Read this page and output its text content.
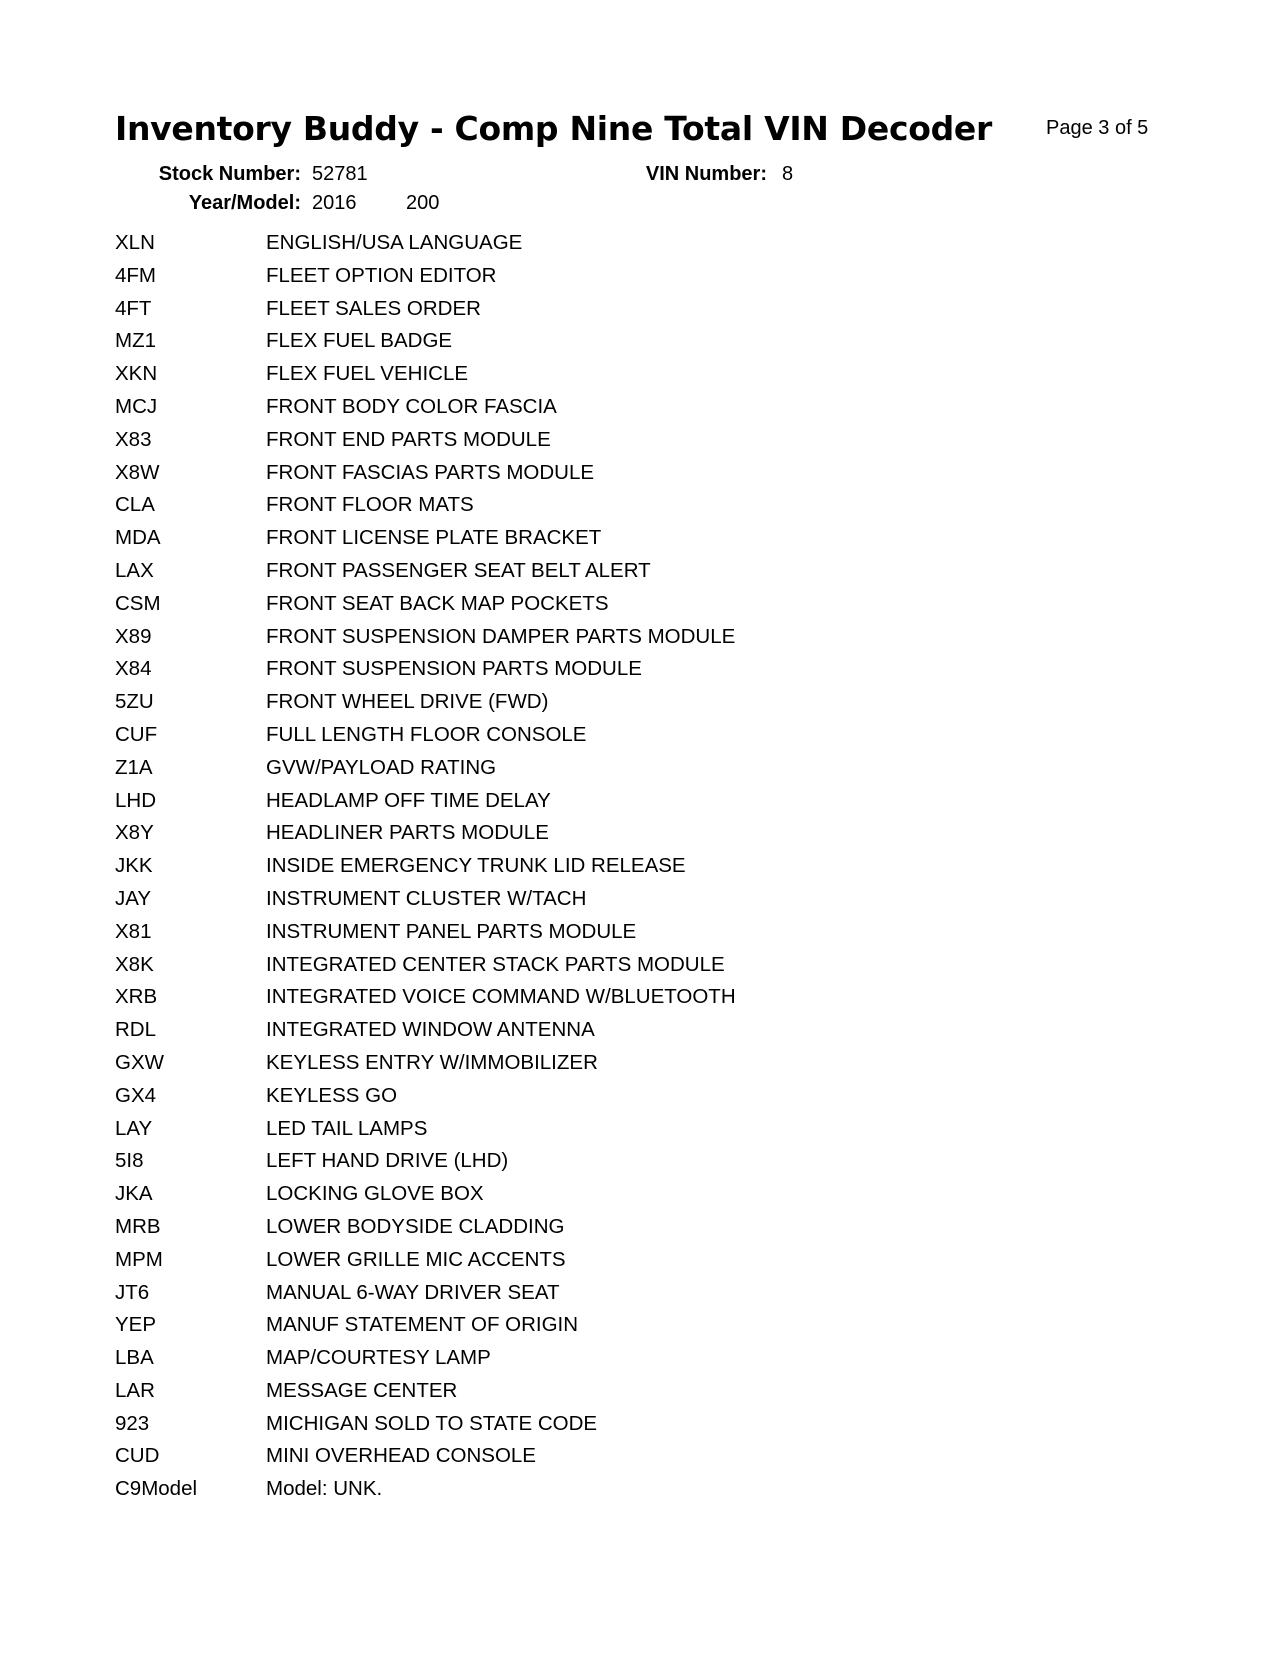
Inventory Buddy - Comp Nine Total VIN Decoder	Page 3 of 5
Stock Number: 52781	VIN Number: 8
Year/Model: 2016 200
XLN	ENGLISH/USA LANGUAGE
4FM	FLEET OPTION EDITOR
4FT	FLEET SALES ORDER
MZ1	FLEX FUEL BADGE
XKN	FLEX FUEL VEHICLE
MCJ	FRONT BODY COLOR FASCIA
X83	FRONT END PARTS MODULE
X8W	FRONT FASCIAS PARTS MODULE
CLA	FRONT FLOOR MATS
MDA	FRONT LICENSE PLATE BRACKET
LAX	FRONT PASSENGER SEAT BELT ALERT
CSM	FRONT SEAT BACK MAP POCKETS
X89	FRONT SUSPENSION DAMPER PARTS MODULE
X84	FRONT SUSPENSION PARTS MODULE
5ZU	FRONT WHEEL DRIVE (FWD)
CUF	FULL LENGTH FLOOR CONSOLE
Z1A	GVW/PAYLOAD RATING
LHD	HEADLAMP OFF TIME DELAY
X8Y	HEADLINER PARTS MODULE
JKK	INSIDE EMERGENCY TRUNK LID RELEASE
JAY	INSTRUMENT CLUSTER W/TACH
X81	INSTRUMENT PANEL PARTS MODULE
X8K	INTEGRATED CENTER STACK PARTS MODULE
XRB	INTEGRATED VOICE COMMAND W/BLUETOOTH
RDL	INTEGRATED WINDOW ANTENNA
GXW	KEYLESS ENTRY W/IMMOBILIZER
GX4	KEYLESS GO
LAY	LED TAIL LAMPS
5I8	LEFT HAND DRIVE (LHD)
JKA	LOCKING GLOVE BOX
MRB	LOWER BODYSIDE CLADDING
MPM	LOWER GRILLE MIC ACCENTS
JT6	MANUAL 6-WAY DRIVER SEAT
YEP	MANUF STATEMENT OF ORIGIN
LBA	MAP/COURTESY LAMP
LAR	MESSAGE CENTER
923	MICHIGAN SOLD TO STATE CODE
CUD	MINI OVERHEAD CONSOLE
C9Model	Model: UNK.
